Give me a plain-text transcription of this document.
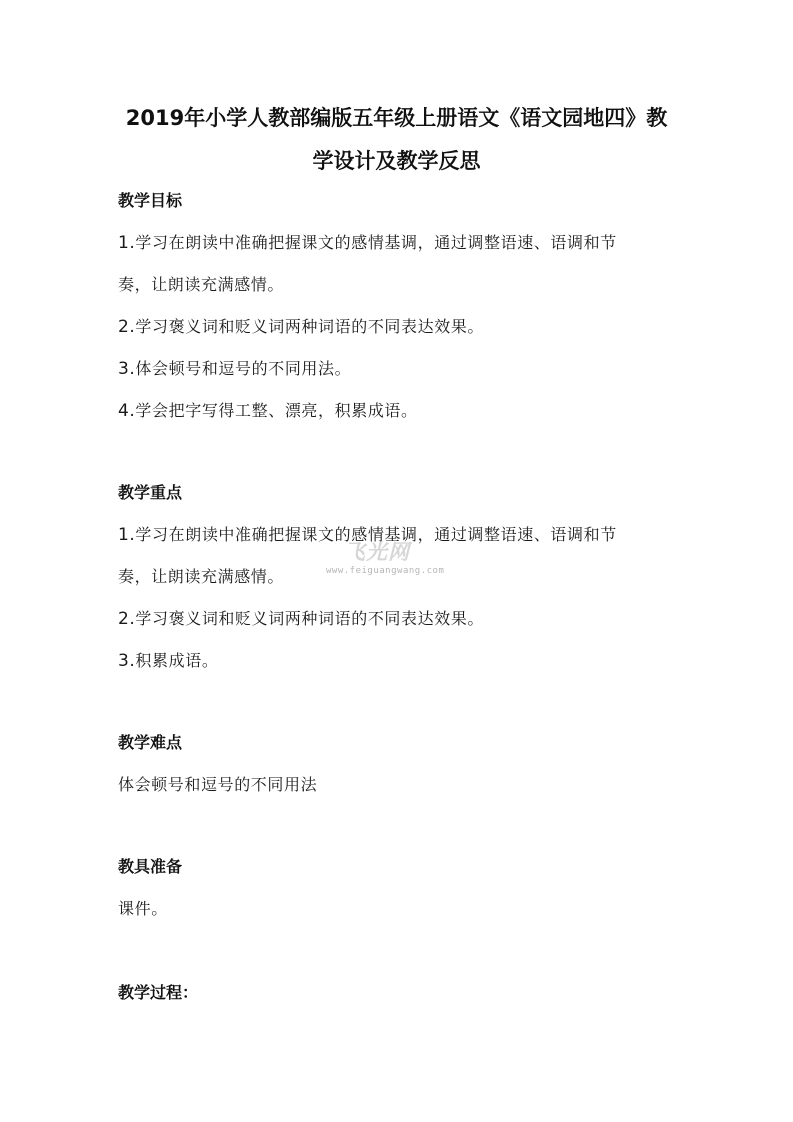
2019年小学人教部编版五年级上册语文《语文园地四》教
学设计及教学反思
教学目标
1.学习在朗读中准确把握课文的感情基调，通过调整语速、语调和节
奏，让朗读充满感情。
2.学习褒义词和贬义词两种词语的不同表达效果。
3.体会顿号和逗号的不同用法。
4.学会把字写得工整、漂亮，积累成语。
教学重点
1.学习在朗读中准确把握课文的感情基调，通过调整语速、语调和节
奏，让朗读充满感情。
2.学习褒义词和贬义词两种词语的不同表达效果。
3.积累成语。
教学难点
体会顿号和逗号的不同用法
教具准备
课件。
教学过程：
飞光网
www.feiguangwang.com
